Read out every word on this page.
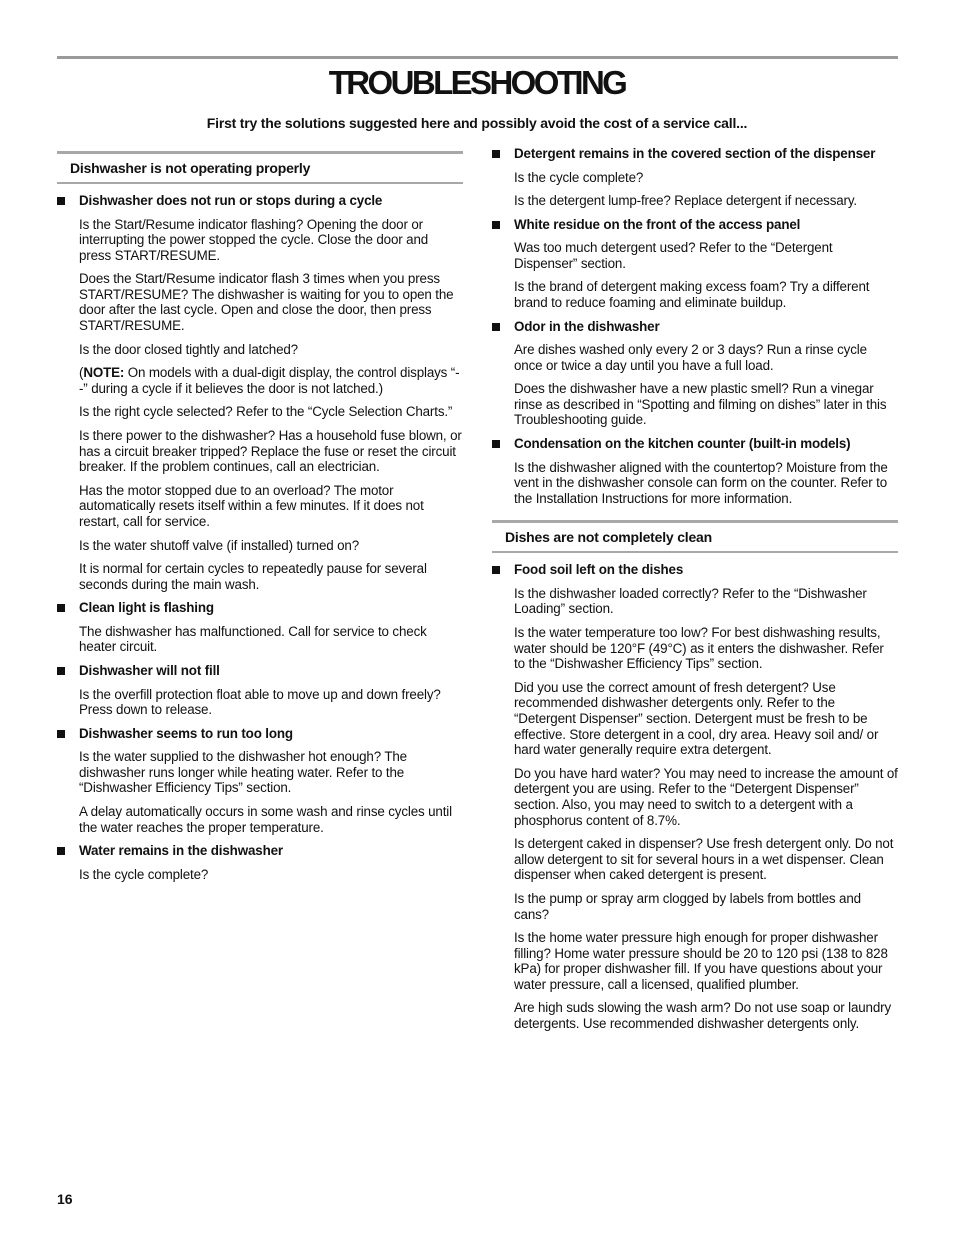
TROUBLESHOOTING

First try the solutions suggested here and possibly avoid the cost of a service call...

Dishwasher is not operating properly
Dishwasher does not run or stops during a cycle
Is the Start/Resume indicator flashing? Opening the door or interrupting the power stopped the cycle. Close the door and press START/RESUME.
Does the Start/Resume indicator flash 3 times when you press START/RESUME? The dishwasher is waiting for you to open the door after the last cycle. Open and close the door, then press START/RESUME.
Is the door closed tightly and latched?
(NOTE: On models with a dual-digit display, the control displays “- -” during a cycle if it believes the door is not latched.)
Is the right cycle selected? Refer to the “Cycle Selection Charts.”
Is there power to the dishwasher? Has a household fuse blown, or has a circuit breaker tripped? Replace the fuse or reset the circuit breaker. If the problem continues, call an electrician.
Has the motor stopped due to an overload? The motor automatically resets itself within a few minutes. If it does not restart, call for service.
Is the water shutoff valve (if installed) turned on?
It is normal for certain cycles to repeatedly pause for several seconds during the main wash.
Clean light is flashing
The dishwasher has malfunctioned. Call for service to check heater circuit.
Dishwasher will not fill
Is the overfill protection float able to move up and down freely? Press down to release.
Dishwasher seems to run too long
Is the water supplied to the dishwasher hot enough? The dishwasher runs longer while heating water. Refer to the “Dishwasher Efficiency Tips” section.
A delay automatically occurs in some wash and rinse cycles until the water reaches the proper temperature.
Water remains in the dishwasher
Is the cycle complete?
Detergent remains in the covered section of the dispenser
Is the cycle complete?
Is the detergent lump-free? Replace detergent if necessary.
White residue on the front of the access panel
Was too much detergent used? Refer to the “Detergent Dispenser” section.
Is the brand of detergent making excess foam? Try a different brand to reduce foaming and eliminate buildup.
Odor in the dishwasher
Are dishes washed only every 2 or 3 days? Run a rinse cycle once or twice a day until you have a full load.
Does the dishwasher have a new plastic smell? Run a vinegar rinse as described in “Spotting and filming on dishes” later in this Troubleshooting guide.
Condensation on the kitchen counter (built-in models)
Is the dishwasher aligned with the countertop? Moisture from the vent in the dishwasher console can form on the counter. Refer to the Installation Instructions for more information.
Dishes are not completely clean
Food soil left on the dishes
Is the dishwasher loaded correctly? Refer to the “Dishwasher Loading” section.
Is the water temperature too low? For best dishwashing results, water should be 120°F (49°C) as it enters the dishwasher. Refer to the “Dishwasher Efficiency Tips” section.
Did you use the correct amount of fresh detergent? Use recommended dishwasher detergents only. Refer to the “Detergent Dispenser” section. Detergent must be fresh to be effective. Store detergent in a cool, dry area. Heavy soil and/ or hard water generally require extra detergent.
Do you have hard water? You may need to increase the amount of detergent you are using. Refer to the “Detergent Dispenser” section. Also, you may need to switch to a detergent with a phosphorus content of 8.7%.
Is detergent caked in dispenser? Use fresh detergent only. Do not allow detergent to sit for several hours in a wet dispenser. Clean dispenser when caked detergent is present.
Is the pump or spray arm clogged by labels from bottles and cans?
Is the home water pressure high enough for proper dishwasher filling? Home water pressure should be 20 to 120 psi (138 to 828 kPa) for proper dishwasher fill. If you have questions about your water pressure, call a licensed, qualified plumber.
Are high suds slowing the wash arm? Do not use soap or laundry detergents. Use recommended dishwasher detergents only.
16
